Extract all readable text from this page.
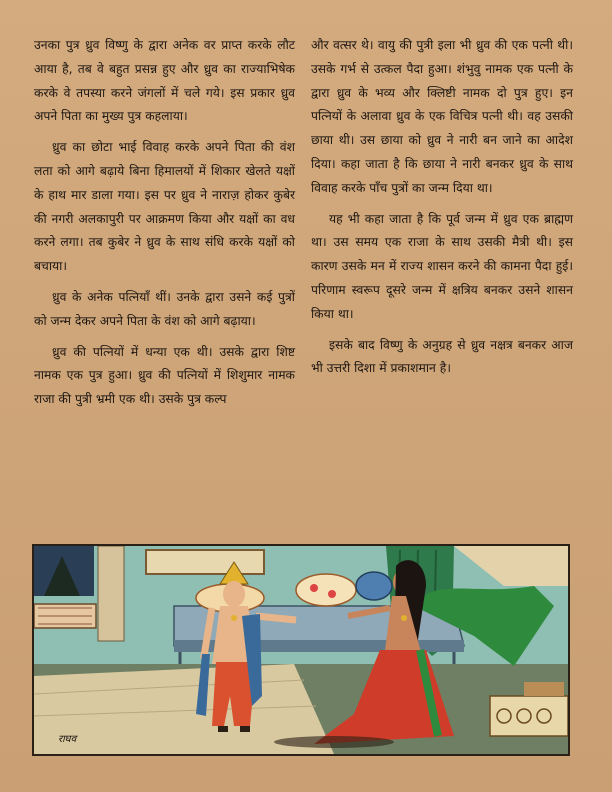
उनका पुत्र ध्रुव विष्णु के द्वारा अनेक वर प्राप्त करके लौट आया है, तब वे बहुत प्रसन्न हुए और ध्रुव का राज्याभिषेक करके वे तपस्या करने जंगलों में चले गये। इस प्रकार ध्रुव अपने पिता का मुख्य पुत्र कहलाया।

ध्रुव का छोटा भाई विवाह करके अपने पिता की वंश लता को आगे बढ़ाये बिना हिमालयों में शिकार खेलते यक्षों के हाथ मार डाला गया। इस पर ध्रुव ने नाराज़ होकर कुबेर की नगरी अलकापुरी पर आक्रमण किया और यक्षों का वध करने लगा। तब कुबेर ने ध्रुव के साथ संधि करके यक्षों को बचाया।

ध्रुव के अनेक पत्नियाँ थीं। उनके द्वारा उसने कई पुत्रों को जन्म देकर अपने पिता के वंश को आगे बढ़ाया।

ध्रुव की पत्नियों में धन्या एक थी। उसके द्वारा शिष्ट नामक एक पुत्र हुआ। ध्रुव की पत्नियों में शिशुमार नामक राजा की पुत्री भ्रमी एक थी। उसके पुत्र कल्प

और वत्सर थे। वायु की पुत्री इला भी ध्रुव की एक पत्नी थी। उसके गर्भ से उत्कल पैदा हुआ। शंभुवु नामक एक पत्नी के द्वारा ध्रुव के भव्य और क्लिष्टी नामक दो पुत्र हुए। इन पत्नियों के अलावा ध्रुव के एक विचित्र पत्नी थी। वह उसकी छाया थी। उस छाया को ध्रुव ने नारी बन जाने का आदेश दिया। कहा जाता है कि छाया ने नारी बनकर ध्रुव के साथ विवाह करके पाँच पुत्रों का जन्म दिया था।

यह भी कहा जाता है कि पूर्व जन्म में ध्रुव एक ब्राह्मण था। उस समय एक राजा के साथ उसकी मैत्री थी। इस कारण उसके मन में राज्य शासन करने की कामना पैदा हुई। परिणाम स्वरूप दूसरे जन्म में क्षत्रिय बनकर उसने शासन किया था।

इसके बाद विष्णु के अनुग्रह से ध्रुव नक्षत्र बनकर आज भी उत्तरी दिशा में प्रकाशमान है।

राघव
